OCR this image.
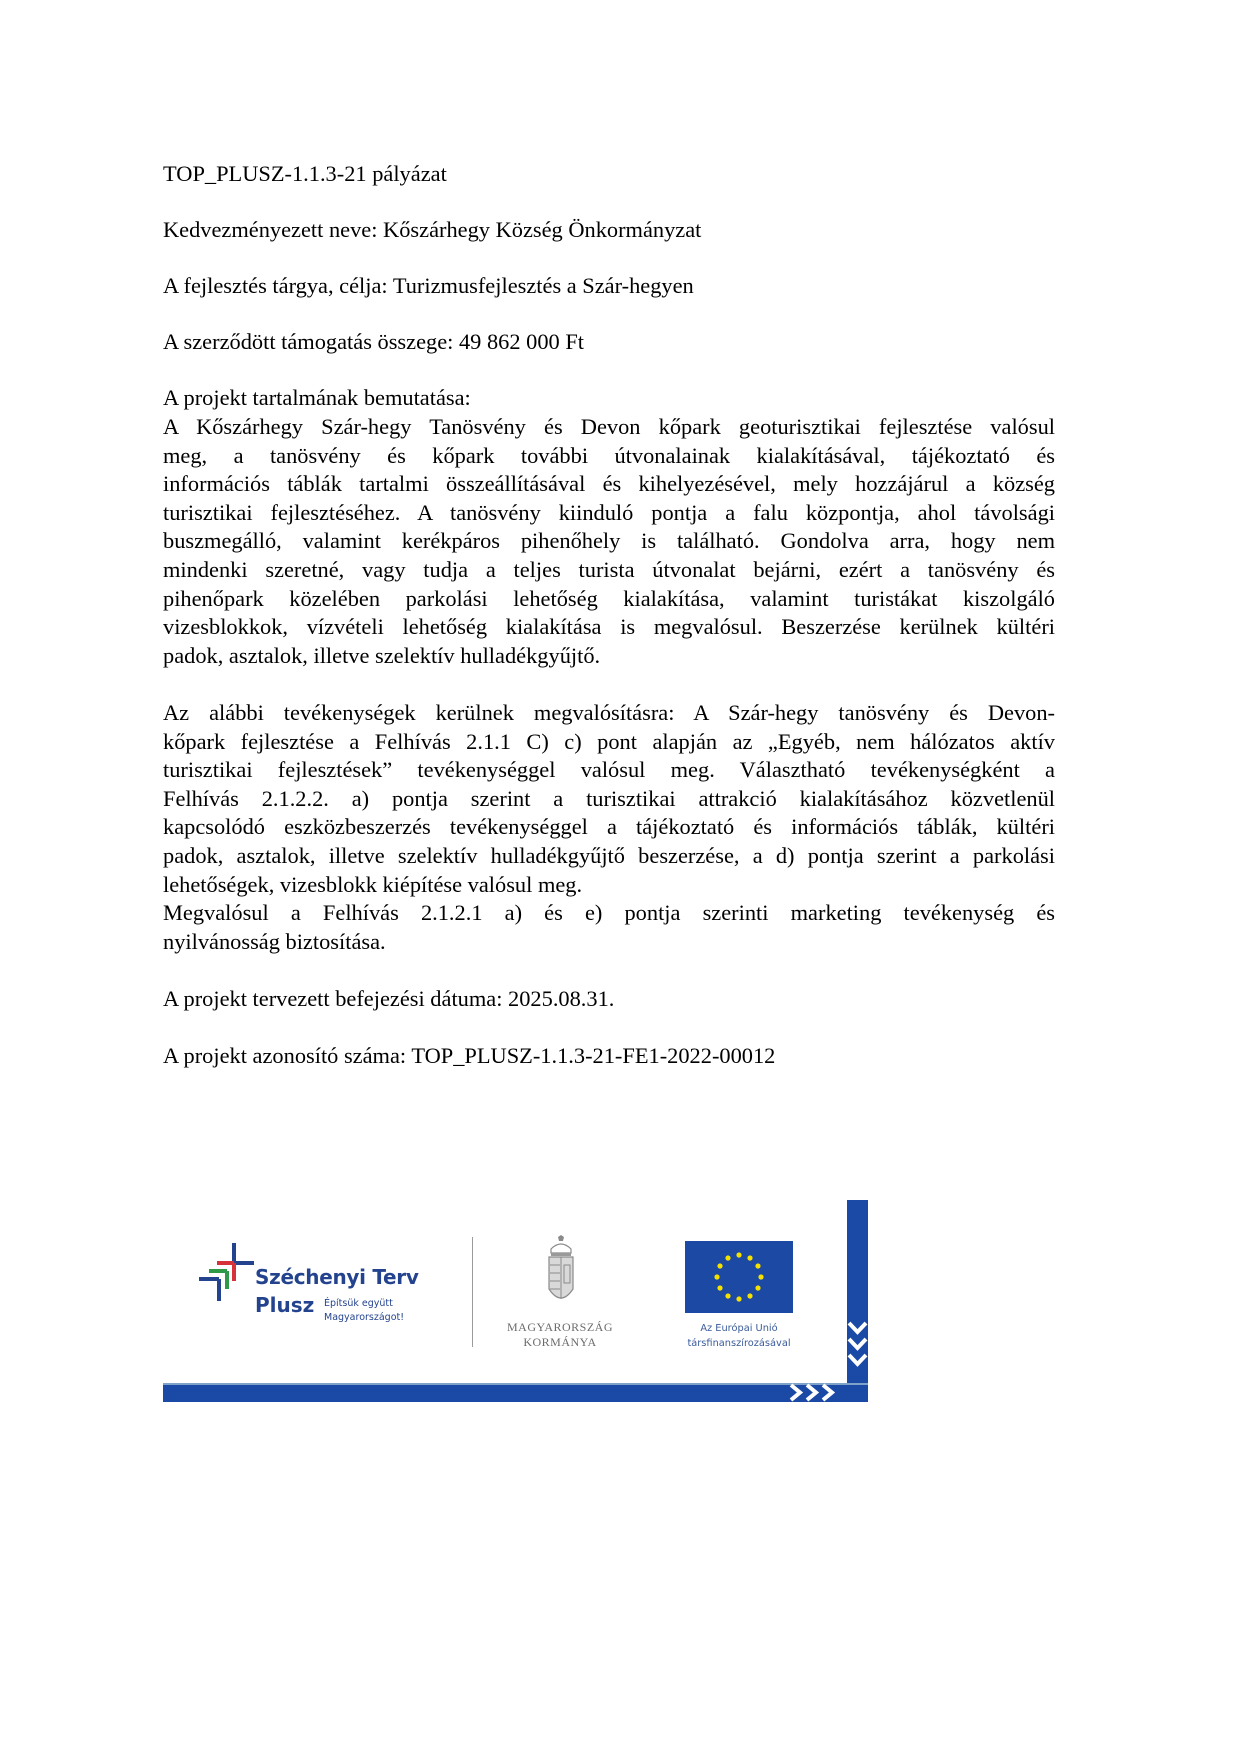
TOP_PLUSZ-1.1.3-21 pályázat
Kedvezményezett neve: Kőszárhegy Község Önkormányzat
A fejlesztés tárgya, célja: Turizmusfejlesztés a Szár-hegyen
A szerződött támogatás összege: 49 862 000 Ft
A projekt tartalmának bemutatása:
A Kőszárhegy Szár-hegy Tanösvény és Devon kőpark geoturisztikai fejlesztése valósul
meg, a tanösvény és kőpark további útvonalainak kialakításával, tájékoztató és
információs táblák tartalmi összeállításával és kihelyezésével, mely hozzájárul a község
turisztikai fejlesztéséhez. A tanösvény kiinduló pontja a falu központja, ahol távolsági
buszmegálló, valamint kerékpáros pihenőhely is található. Gondolva arra, hogy nem
mindenki szeretné, vagy tudja a teljes turista útvonalat bejárni, ezért a tanösvény és
pihenőpark közelében parkolási lehetőség kialakítása, valamint turistákat kiszolgáló
vizesblokkok, vízvételi lehetőség kialakítása is megvalósul. Beszerzése kerülnek kültéri
padok, asztalok, illetve szelektív hulladékgyűjtő.
Az alábbi tevékenységek kerülnek megvalósításra: A Szár-hegy tanösvény és Devon-
kőpark fejlesztése a Felhívás 2.1.1 C) c) pont alapján az „Egyéb, nem hálózatos aktív
turisztikai fejlesztések” tevékenységgel valósul meg. Választható tevékenységként a
Felhívás 2.1.2.2. a) pontja szerint a turisztikai attrakció kialakításához közvetlenül
kapcsolódó eszközbeszerzés tevékenységgel a tájékoztató és információs táblák, kültéri
padok, asztalok, illetve szelektív hulladékgyűjtő beszerzése, a d) pontja szerint a parkolási
lehetőségek, vizesblokk kiépítése valósul meg.
Megvalósul a Felhívás 2.1.2.1 a) és e) pontja szerinti marketing tevékenység és
nyilvánosság biztosítása.
A projekt tervezett befejezési dátuma: 2025.08.31.
A projekt azonosító száma: TOP_PLUSZ-1.1.3-21-FE1-2022-00012
Széchenyi Terv
Plusz Építsük együtt
Magyarországot!
MAGYARORSZÁG
KORMÁNYA
Az Európai Unió
társfinanszírozásával
